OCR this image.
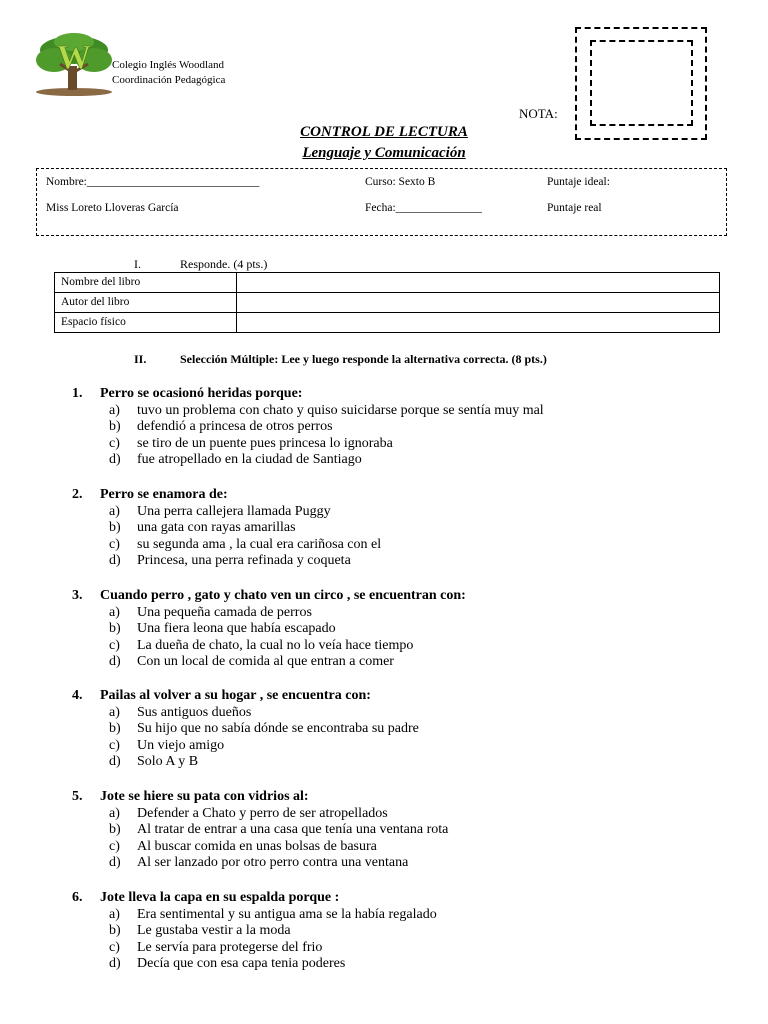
W Colegio Inglés Woodland
Coordinación Pedagógica
NOTA:
CONTROL DE LECTURA
Lenguaje y Comunicación
Nombre:______________________________	Curso: Sexto B	Puntaje ideal:
Miss Loreto Lloveras García	Fecha:_______________	Puntaje real
I.	Responde. (4 pts.)
Nombre del libro	
Autor del libro	
Espacio físico	
II.	Selección Múltiple: Lee y luego responde la alternativa correcta. (8 pts.)
1. Perro se ocasionó heridas porque:
a) tuvo un problema con chato y quiso suicidarse porque se sentía muy mal
b) defendió a princesa de otros perros
c) se tiro de un puente pues princesa lo ignoraba
d) fue atropellado en la ciudad de Santiago
2. Perro se enamora de:
a) Una perra callejera llamada Puggy
b) una gata con rayas amarillas
c) su segunda ama , la cual era cariñosa con el
d) Princesa, una perra refinada y coqueta
3. Cuando perro , gato y chato ven un circo , se encuentran con:
a) Una pequeña camada de perros
b) Una fiera leona que había escapado
c) La dueña de chato, la cual no lo veía hace tiempo
d) Con un local de comida al que entran a comer
4. Pailas al volver a su hogar , se encuentra con:
a) Sus antiguos dueños
b) Su hijo que no sabía dónde se encontraba su padre
c) Un viejo amigo
d) Solo A y B
5. Jote se hiere su pata con vidrios al:
a) Defender a Chato y perro de ser atropellados
b) Al tratar de entrar a una casa que tenía una ventana rota
c) Al buscar comida en unas bolsas de basura
d) Al ser lanzado por otro perro contra una ventana
6. Jote lleva la capa en su espalda porque :
a) Era sentimental y su antigua ama se la había regalado
b) Le gustaba vestir a la moda
c) Le servía para protegerse del frio
d) Decía que con esa capa tenia poderes
